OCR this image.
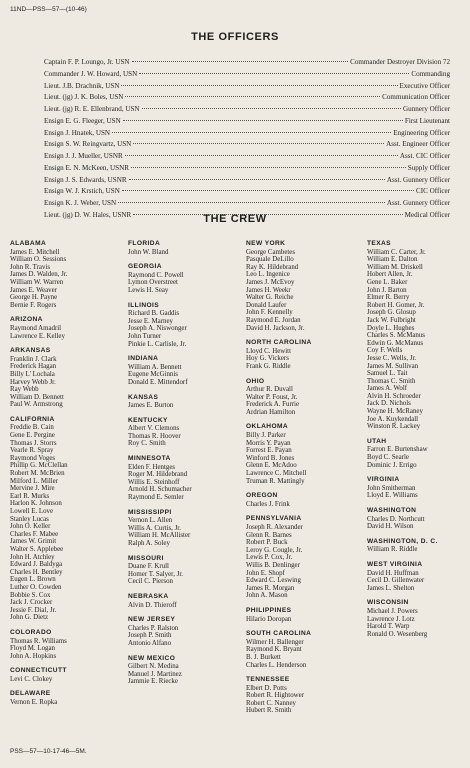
11ND—PSS—57—(10-46)
THE OFFICERS
Captain F. P. Loungo, Jr. USN	Commander Destroyer Division 72
Commander J. W. Howard, USN	Commanding
Lieut. J.B. Drachnik, USN	Executive Officer
Lieut. (jg) J. K. Boles, USN	Communication Officer
Lieut. (jg) R. E. Ellenbrand, USN	Gunnery Officer
Ensign E. G. Fleeger, USN	First Lieutenant
Ensign J. Hnatek, USN	Engineering Officer
Ensign S. W. Reingvartz, USN	Asst. Engineer Officer
Ensign J. J. Mueller, USNR	Asst. CIC Officer
Ensign E. N. McKeen, USNR	Supply Officer
Ensign J. S. Edwards, USNR	Asst. Gunnery Officer
Ensign W. J. Krstich, USN	CIC Officer
Ensign K. J. Weber, USN	Asst. Gunnery Officer
Lieut. (jg) D. W. Hales, USNR	Medical Officer
THE CREW
ALABAMA
James E. Mitchell
William O. Sessions
John R. Travis
James D. Walden, Jr.
William W. Warren
James E. Weaver
George H. Payne
Bernie F. Rogers
ARIZONA
Raymond Amadril
Lawrence E. Kelley
ARKANSAS
Franklin J. Clark
Frederick Hagan
Billy L' Lochala
Harvey Webb Jr.
Ray Webb
William D. Bennett
Paul W. Armstrong
CALIFORNIA
Freddie B. Cain
Gene E. Pergine
Thomas J. Storrs
Vearle R. Spray
Raymond Voges
Phillip G. McClellan
Robert M. McBrien
Milford L. Miller
Mervine J. Mire
Earl R. Murks
Harlon K. Johnson
Lowell E. Love
Stanley Lucas
John O. Keller
Charles F. Mabee
James W. Grimit
Walter S. Applebee
John H. Atchley
Edward J. Baldyga
Charles H. Bentley
Eugen L. Brown
Luther O. Cowden
Bobbie S. Cox
Jack J. Crocker
Jessie F. Dial, Jr.
John G. Dietz
COLORADO
Thomas R. Williams
Floyd M. Logan
John A. Hopkins
CONNECTICUTT
Levi C. Clokey
DELAWARE
Vernon E. Ropka
FLORIDA
John W. Bland
GEORGIA
Raymond C. Powell
Lymon Overstreet
Lewis H. Seay
ILLINOIS
Richard B. Gaddis
Jesse E. Marney
Joseph A. Niswonger
John Turner
Pinkie L. Carlisle, Jr.
INDIANA
William A. Bennett
Eugene McGinnis
Donald E. Mittendorf
KANSAS
James E. Burton
KENTUCKY
Albert V. Clemons
Thomas R. Hoover
Roy C. Smith
MINNESOTA
Elden F. Hentges
Roger M. Hildebrand
Willis E. Steinhoff
Arnold H. Schumacher
Raymond E. Semler
MISSISSIPPI
Vernon L. Allen
Willis A. Curtis, Jr.
William H. McAllister
Ralph A. Soley
MISSOURI
Duane F. Krull
Homer T. Salyer, Jr.
Cecil C. Pierson
NEBRASKA
Alvin D. Thieroff
NEW JERSEY
Charles P. Ralston
Joseph P. Smith
Antonio Alfano
NEW MEXICO
Gilbert N. Medina
Manuel J. Martinez
Jammie E. Riecke
NEW YORK
George Cambetes
Pasquale DeLillo
Ray K. Hildebrand
Leo L. Ingenice
James J. McEvoy
James H. Weekr
Walter G. Reiche
Donald Laufer
John F. Kennelly
Raymond E. Jordan
David H. Jackson, Jr.
NORTH CAROLINA
Lloyd C. Hewitt
Hoy G. Vickers
Frank G. Riddle
OHIO
Arthur R. Duvall
Walter P. Foust, Jr.
Frederick A. Furrie
Ardrian Hamilton
OKLAHOMA
Billy J. Parker
Morris Y. Payan
Forrest E. Payan
Winford B. Jones
Glenn E. McAdoo
Lawrence C. Mitchell
Truman R. Mattingly
OREGON
Charles J. Frink
PENNSYLVANIA
Joseph R. Alexander
Glenn R. Barnes
Robert P. Buck
Leroy G. Cougle, Jr.
Lewis P. Cox, Jr.
Willis B. Denlinger
John E. Shopf
Edward C. Leswing
James R. Morgan
John A. Mason
PHILIPPINES
Hilario Doropan
SOUTH CAROLINA
Wilmer H. Ballenger
Raymond K. Bryant
B. J. Burkett
Charles L. Henderson
TENNESSEE
Elbert D. Potts
Robert R. Hightower
Robert C. Nanney
Hubert R. Smith
TEXAS
William C. Carter, Jr.
William E. Dalton
William M. Driskell
Hobert Allen, Jr.
Gene L. Baker
John J. Barton
Elmer R. Berry
Robert H. Gomer, Jr.
Joseph G. Glosup
Jack W. Fulbright
Doyle L. Hughes
Charles S. McManus
Edwin G. McManus
Coy F. Wells
Jesse C. Wells, Jr.
James M. Sullivan
Samuel L. Tait
Thomas C. Smith
James A. Wolf
Alvin H. Schroeder
Jack D. Nichols
Wayne H. McRaney
Joe A. Kuykendall
Winston R. Lackey
UTAH
Farron E. Burtenshaw
Boyd C. Searle
Dominic J. Errigo
VIRGINIA
John Smitherman
Lloyd E. Williams
WASHINGTON
Charles D. Northcutt
David H. Wilson
WASHINGTON, D. C.
William R. Riddle
WEST VIRGINIA
David H. Huffman
Cecil D. Gillenwater
James L. Shelton
WISCONSIN
Michael J. Powers
Lawrence J. Lotz
Harold T. Warp
Ronald O. Wesenberg
PSS—57—10-17-46—5M.
